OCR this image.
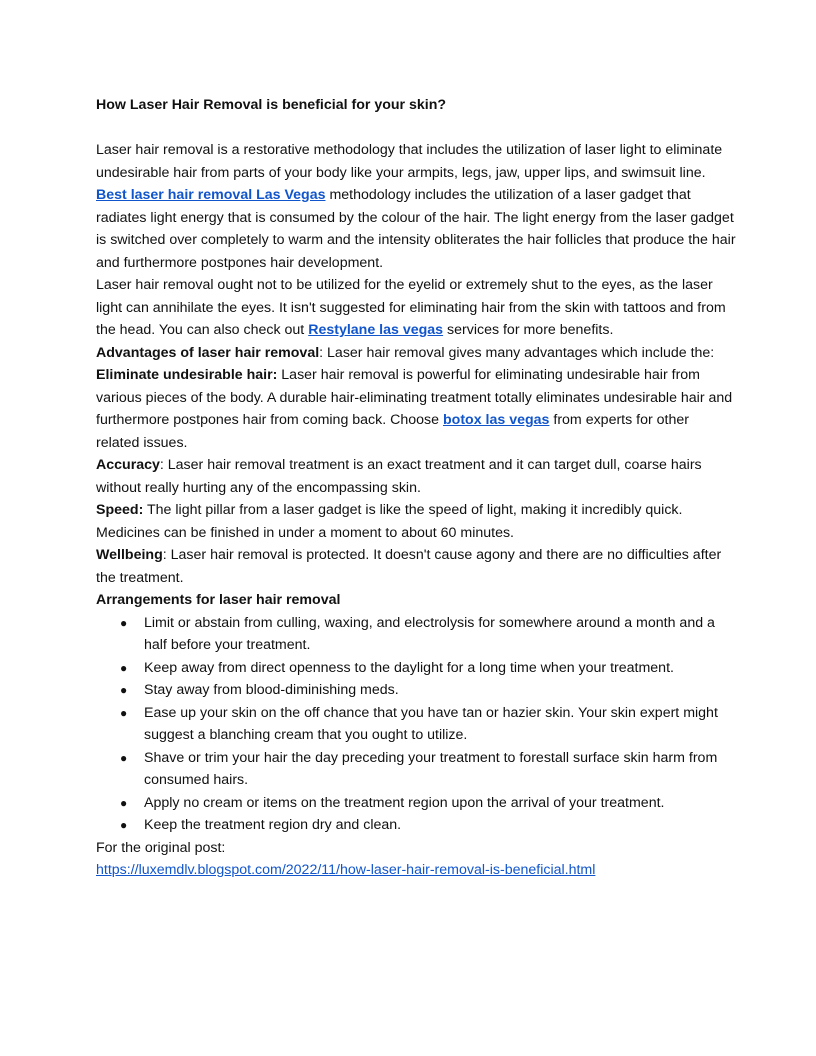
How Laser Hair Removal is beneficial for your skin?

Laser hair removal is a restorative methodology that includes the utilization of laser light to eliminate undesirable hair from parts of your body like your armpits, legs, jaw, upper lips, and swimsuit line.

Best laser hair removal Las Vegas methodology includes the utilization of a laser gadget that radiates light energy that is consumed by the colour of the hair. The light energy from the laser gadget is switched over completely to warm and the intensity obliterates the hair follicles that produce the hair and furthermore postpones hair development.

Laser hair removal ought not to be utilized for the eyelid or extremely shut to the eyes, as the laser light can annihilate the eyes. It isn't suggested for eliminating hair from the skin with tattoos and from the head. You can also check out Restylane las vegas services for more benefits.

Advantages of laser hair removal: Laser hair removal gives many advantages which include the:

Eliminate undesirable hair: Laser hair removal is powerful for eliminating undesirable hair from various pieces of the body. A durable hair-eliminating treatment totally eliminates undesirable hair and furthermore postpones hair from coming back. Choose botox las vegas from experts for other related issues.

Accuracy: Laser hair removal treatment is an exact treatment and it can target dull, coarse hairs without really hurting any of the encompassing skin.

Speed: The light pillar from a laser gadget is like the speed of light, making it incredibly quick. Medicines can be finished in under a moment to about 60 minutes.

Wellbeing: Laser hair removal is protected. It doesn't cause agony and there are no difficulties after the treatment.

Arrangements for laser hair removal

● Limit or abstain from culling, waxing, and electrolysis for somewhere around a month and a half before your treatment.
● Keep away from direct openness to the daylight for a long time when your treatment.
● Stay away from blood-diminishing meds.
● Ease up your skin on the off chance that you have tan or hazier skin. Your skin expert might suggest a blanching cream that you ought to utilize.
● Shave or trim your hair the day preceding your treatment to forestall surface skin harm from consumed hairs.
● Apply no cream or items on the treatment region upon the arrival of your treatment.
● Keep the treatment region dry and clean.

For the original post:

https://luxemdlv.blogspot.com/2022/11/how-laser-hair-removal-is-beneficial.html
